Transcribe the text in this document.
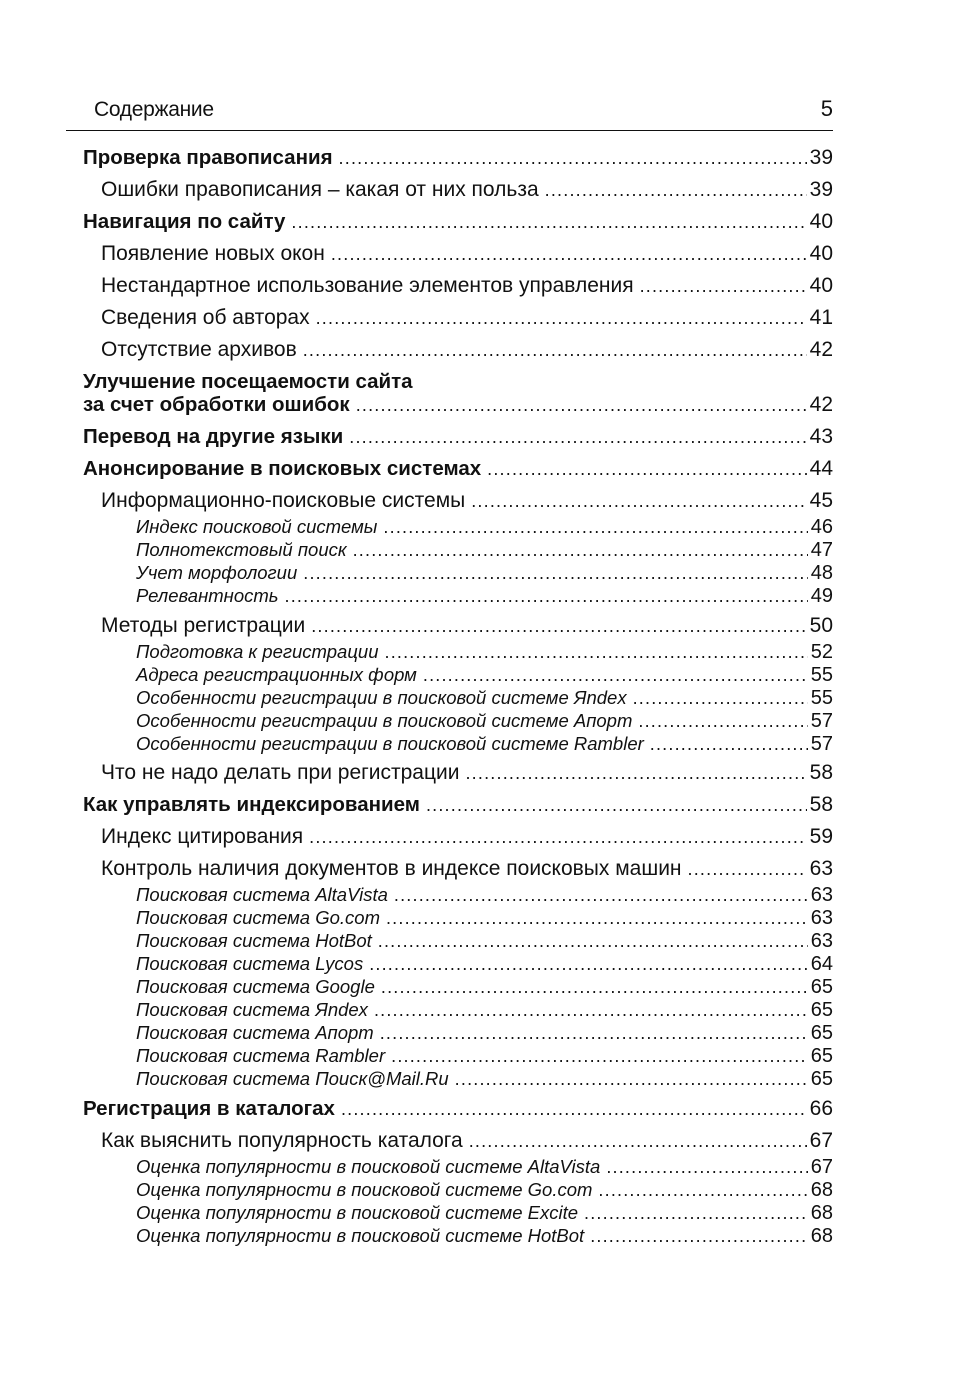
Содержание	5
Проверка правописания . . .	39
Ошибки правописания – какая от них польза . . .	39
Навигация по сайту . . .	40
Появление новых окон . . .	40
Нестандартное использование элементов управления . . .	40
Сведения об авторах . . .	41
Отсутствие архивов . . .	42
Улучшение посещаемости сайта
за счет обработки ошибок . . .	42
Перевод на другие языки . . .	43
Анонсирование в поисковых системах . . .	44
Информационно-поисковые системы . . .	45
Индекс поисковой системы . . .	46
Полнотекстовый поиск . . .	47
Учет морфологии . . .	48
Релевантность . . .	49
Методы регистрации . . .	50
Подготовка к регистрации . . .	52
Адреса регистрационных форм . . .	55
Особенности регистрации в поисковой системе Яndex . . .	55
Особенности регистрации в поисковой системе Апорт . . .	57
Особенности регистрации в поисковой системе Rambler . . .	57
Что не надо делать при регистрации . . .	58
Как управлять индексированием . . .	58
Индекс цитирования . . .	59
Контроль наличия документов в индексе поисковых машин . . .	63
Поисковая система AltaVista . . .	63
Поисковая система Go.com . . .	63
Поисковая система HotBot . . .	63
Поисковая система Lycos . . .	64
Поисковая система Google . . .	65
Поисковая система Яndex . . .	65
Поисковая система Апорт . . .	65
Поисковая система Rambler . . .	65
Поисковая система Поиск@Mail.Ru . . .	65
Регистрация в каталогах . . .	66
Как выяснить популярность каталога . . .	67
Оценка популярности в поисковой системе AltaVista . . .	67
Оценка популярности в поисковой системе Go.com . . .	68
Оценка популярности в поисковой системе Excite . . .	68
Оценка популярности в поисковой системе HotBot . . .	68
